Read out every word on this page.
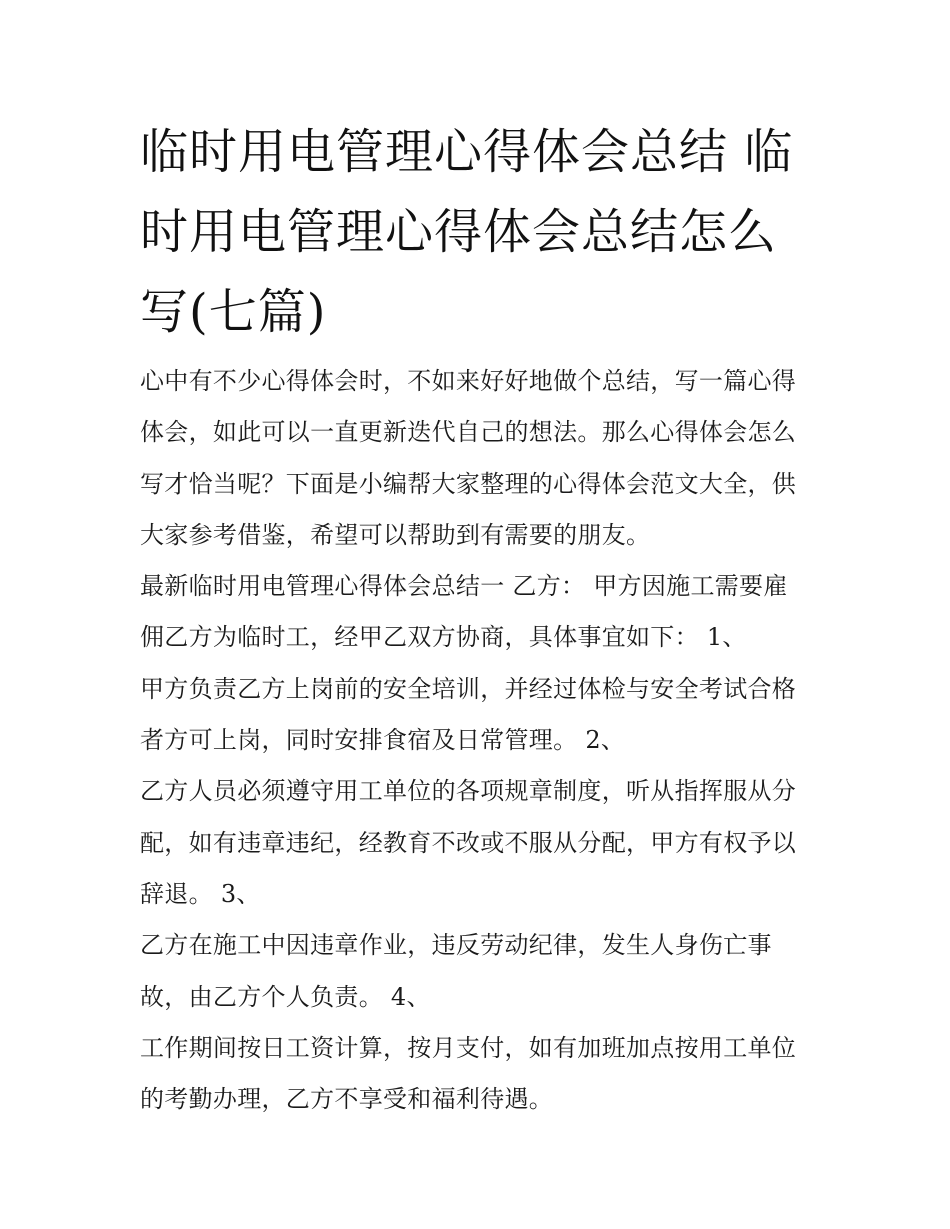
临时用电管理心得体会总结 临
时用电管理心得体会总结怎么
写(七篇)
心中有不少心得体会时，不如来好好地做个总结，写一篇心得
体会，如此可以一直更新迭代自己的想法。那么心得体会怎么
写才恰当呢？下面是小编帮大家整理的心得体会范文大全，供
大家参考借鉴，希望可以帮助到有需要的朋友。
最新临时用电管理心得体会总结一 乙方： 甲方因施工需要雇
佣乙方为临时工，经甲乙双方协商，具体事宜如下： 1、
甲方负责乙方上岗前的安全培训，并经过体检与安全考试合格
者方可上岗，同时安排食宿及日常管理。 2、
乙方人员必须遵守用工单位的各项规章制度，听从指挥服从分
配，如有违章违纪，经教育不改或不服从分配，甲方有权予以
辞退。 3、
乙方在施工中因违章作业，违反劳动纪律，发生人身伤亡事
故，由乙方个人负责。 4、
工作期间按日工资计算，按月支付，如有加班加点按用工单位
的考勤办理，乙方不享受和福利待遇。
